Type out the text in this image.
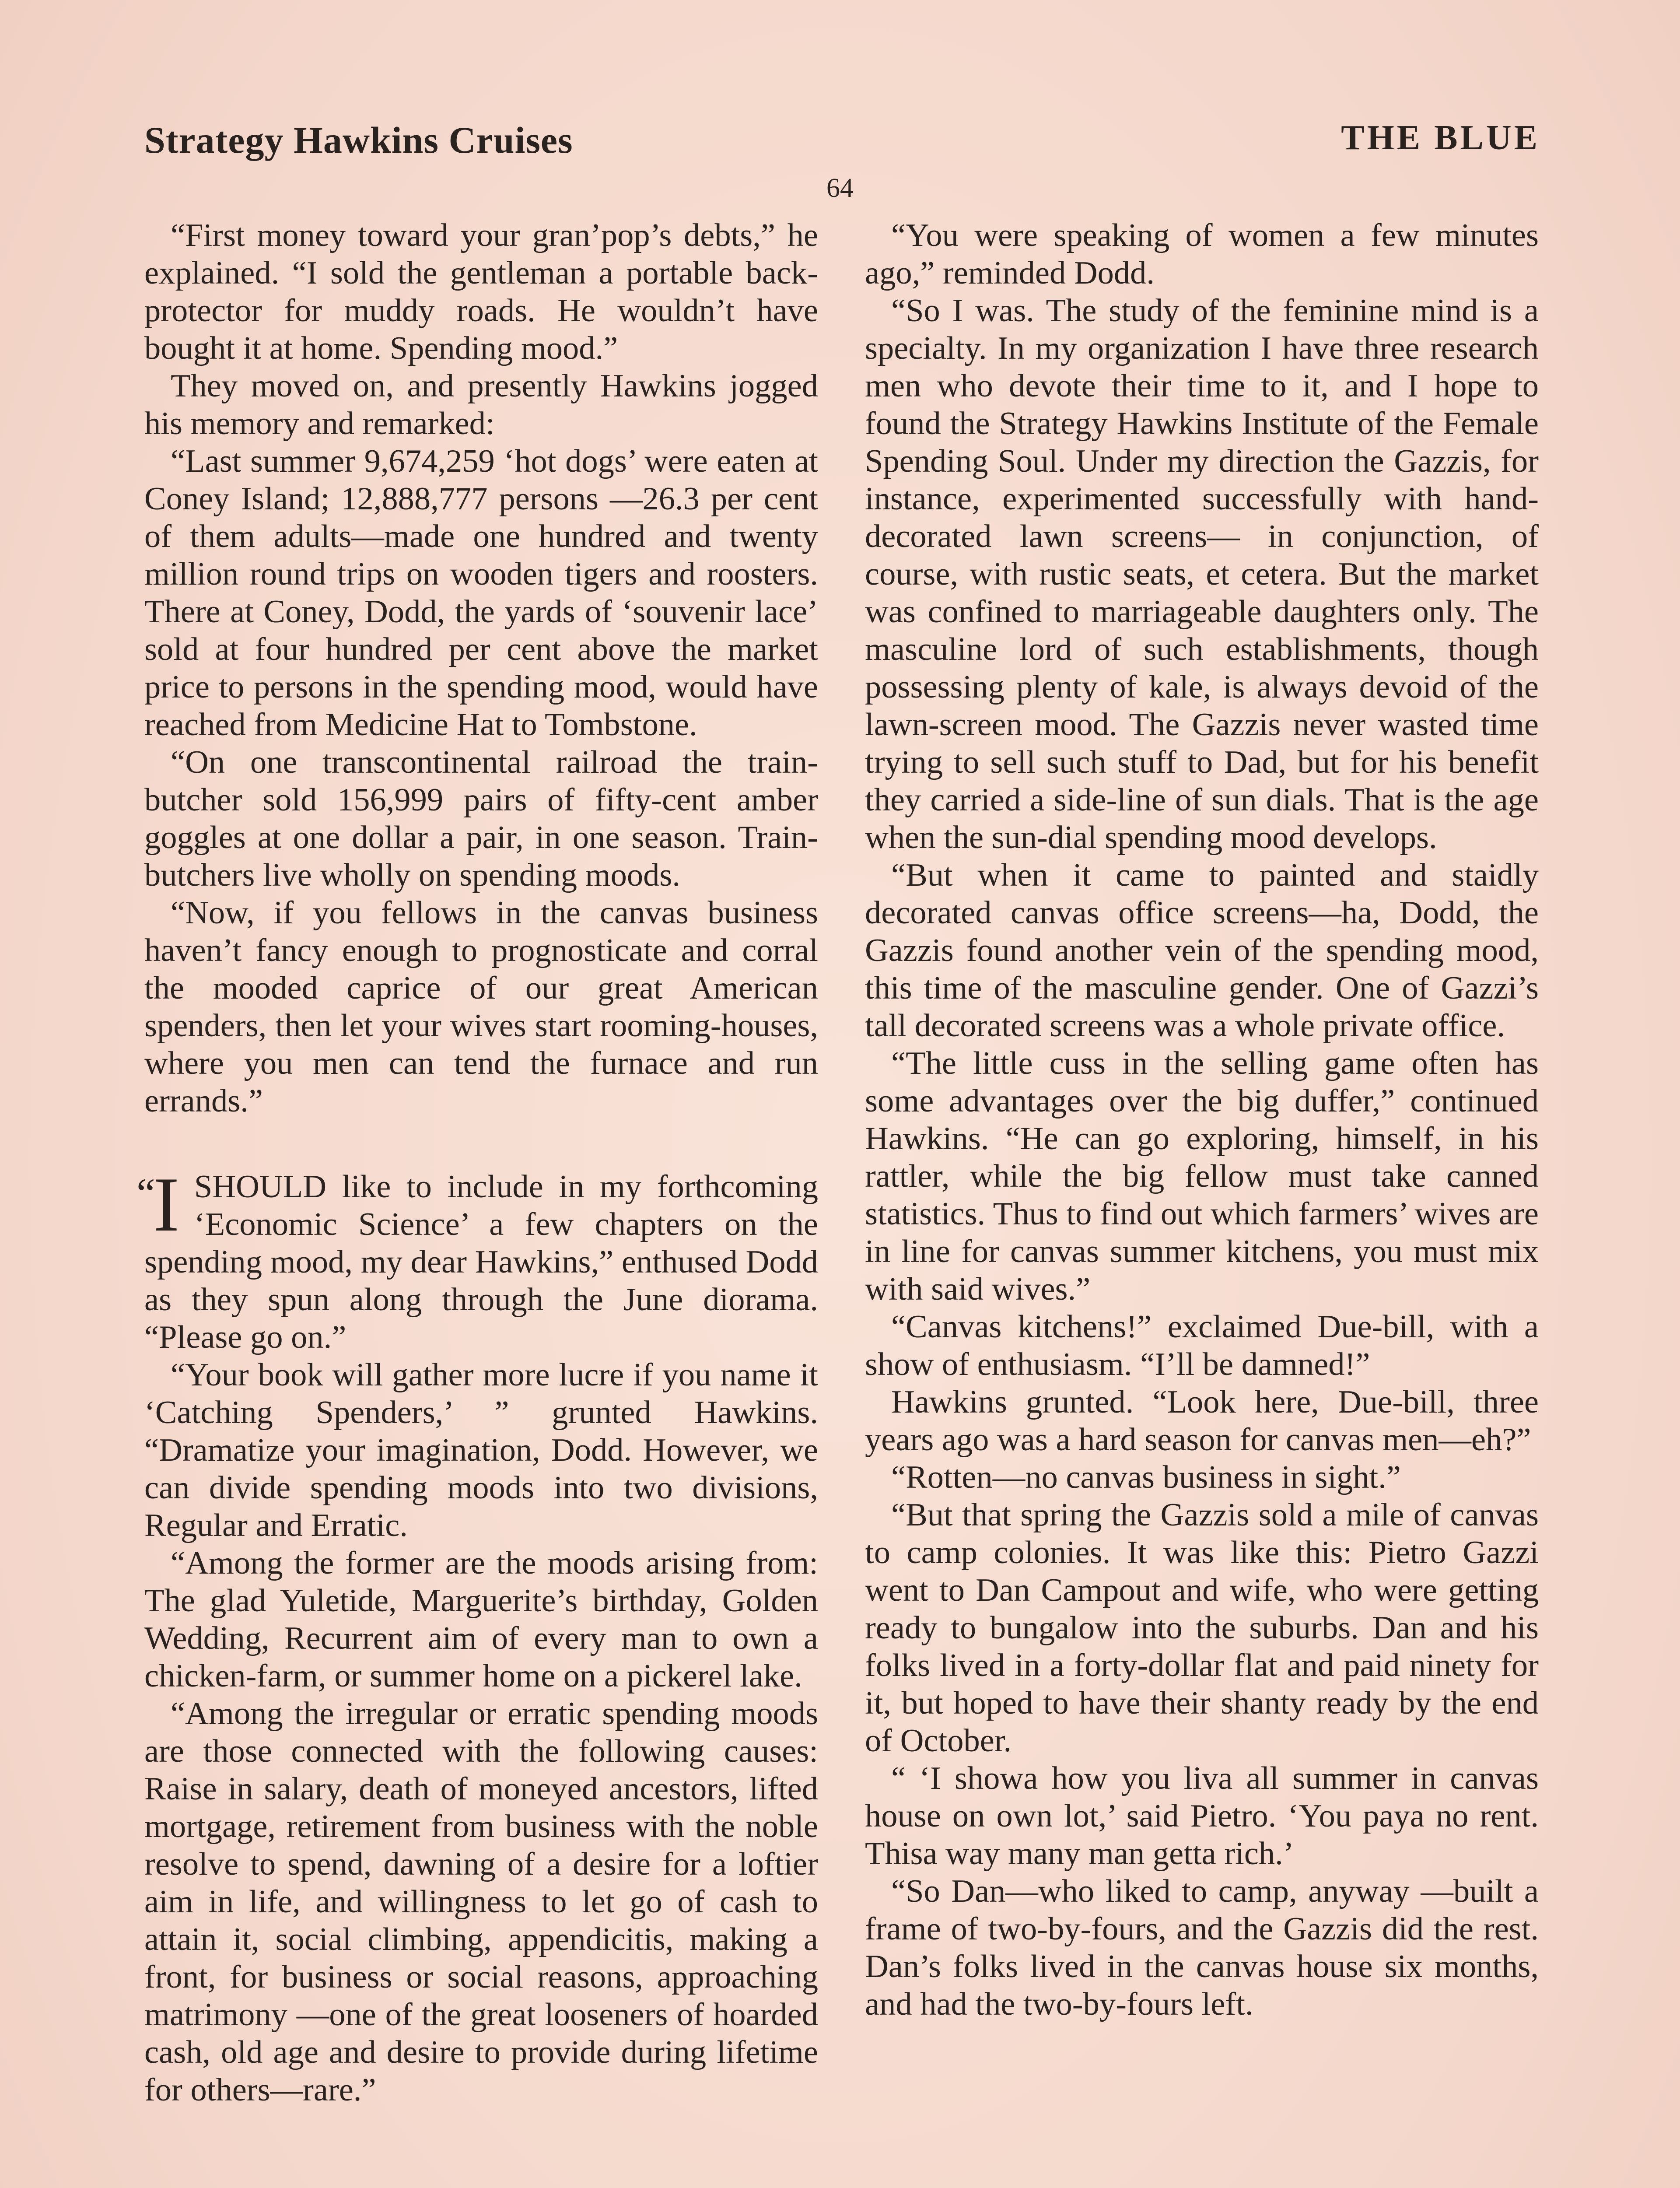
Strategy Hawkins Cruises	THE BLUE
64

“First money toward your gran’pop’s debts,” he explained. “I sold the gentleman a portable back-protector for muddy roads. He wouldn’t have bought it at home. Spending mood.”

They moved on, and presently Hawkins jogged his memory and remarked:

“Last summer 9,674,259 ‘hot dogs’ were eaten at Coney Island; 12,888,777 persons —26.3 per cent of them adults—made one hundred and twenty million round trips on wooden tigers and roosters. There at Coney, Dodd, the yards of ‘souvenir lace’ sold at four hundred per cent above the market price to persons in the spending mood, would have reached from Medicine Hat to Tombstone.

“On one transcontinental railroad the train-butcher sold 156,999 pairs of fifty-cent amber goggles at one dollar a pair, in one season. Train-butchers live wholly on spending moods.

“Now, if you fellows in the canvas business haven’t fancy enough to prognosticate and corral the mooded caprice of our great American spenders, then let your wives start rooming-houses, where you men can tend the furnace and run errands.”

“
I SHOULD like to include in my forthcoming ‘Economic Science’ a few chapters on the spending mood, my dear Hawkins,” enthused Dodd as they spun along through the June diorama. “Please go on.”

“Your book will gather more lucre if you name it ‘Catching Spenders,’ ” grunted Hawkins. “Dramatize your imagination, Dodd. However, we can divide spending moods into two divisions, Regular and Erratic.

“Among the former are the moods arising from: The glad Yuletide, Marguerite’s birthday, Golden Wedding, Recurrent aim of every man to own a chicken-farm, or summer home on a pickerel lake.

“Among the irregular or erratic spending moods are those connected with the following causes: Raise in salary, death of moneyed ancestors, lifted mortgage, retirement from business with the noble resolve to spend, dawning of a desire for a loftier aim in life, and willingness to let go of cash to attain it, social climbing, appendicitis, making a front, for business or social reasons, approaching matrimony —one of the great looseners of hoarded cash, old age and desire to provide during lifetime for others—rare.”

“You were speaking of women a few minutes ago,” reminded Dodd.

“So I was. The study of the feminine mind is a specialty. In my organization I have three research men who devote their time to it, and I hope to found the Strategy Hawkins Institute of the Female Spending Soul. Under my direction the Gazzis, for instance, experimented successfully with hand-decorated lawn screens— in conjunction, of course, with rustic seats, et cetera. But the market was confined to marriageable daughters only. The masculine lord of such establishments, though possessing plenty of kale, is always devoid of the lawn-screen mood. The Gazzis never wasted time trying to sell such stuff to Dad, but for his benefit they carried a side-line of sun dials. That is the age when the sun-dial spending mood develops.

“But when it came to painted and staidly decorated canvas office screens—ha, Dodd, the Gazzis found another vein of the spending mood, this time of the masculine gender. One of Gazzi’s tall decorated screens was a whole private office.

“The little cuss in the selling game often has some advantages over the big duffer,” continued Hawkins. “He can go exploring, himself, in his rattler, while the big fellow must take canned statistics. Thus to find out which farmers’ wives are in line for canvas summer kitchens, you must mix with said wives.”

“Canvas kitchens!” exclaimed Due-bill, with a show of enthusiasm. “I’ll be damned!”

Hawkins grunted. “Look here, Due-bill, three years ago was a hard season for canvas men—eh?”

“Rotten—no canvas business in sight.”

“But that spring the Gazzis sold a mile of canvas to camp colonies. It was like this: Pietro Gazzi went to Dan Campout and wife, who were getting ready to bungalow into the suburbs. Dan and his folks lived in a forty-dollar flat and paid ninety for it, but hoped to have their shanty ready by the end of October.

“ ‘I showa how you liva all summer in canvas house on own lot,’ said Pietro. ‘You paya no rent. Thisa way many man getta rich.’

“So Dan—who liked to camp, anyway —built a frame of two-by-fours, and the Gazzis did the rest. Dan’s folks lived in the canvas house six months, and had the two-by-fours left.
